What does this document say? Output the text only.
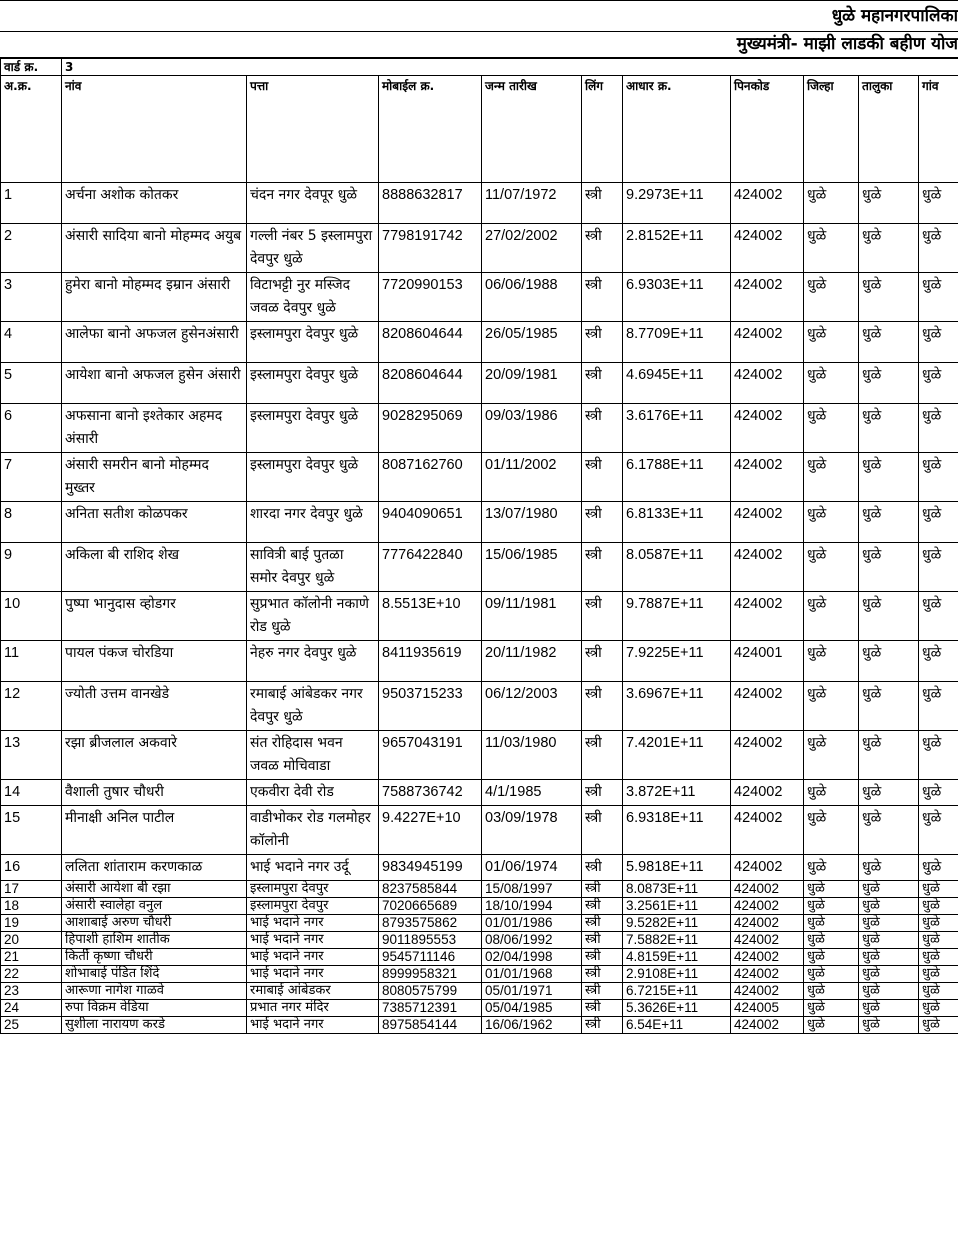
धुळे महानगरपालिका
मुख्यमंत्री- माझी लाडकी बहीण योज
वार्ड क्र.	3									
अ.क्र.	नांव	पत्ता	मोबाईल क्र.	जन्म तारीख	लिंग	आधार क्र.	पिनकोड	जिल्हा	तालुका	गांव
1	अर्चना अशोक कोतकर	चंदन नगर देवपूर धुळे	8888632817	11/07/1972	स्त्री	9.2973E+11	424002	धुळे	धुळे	धुळे
2	अंसारी सादिया बानो मोहम्मद अयुब	गल्ली नंबर 5 इस्लामपुरा देवपुर धुळे	7798191742	27/02/2002	स्त्री	2.8152E+11	424002	धुळे	धुळे	धुळे
3	हुमेरा बानो मोहम्मद इम्रान अंसारी	विटाभट्टी नुर मस्जिद जवळ देवपुर धुळे	7720990153	06/06/1988	स्त्री	6.9303E+11	424002	धुळे	धुळे	धुळे
4	आलेफा बानो अफजल हुसेनअंसारी	इस्लामपुरा देवपुर धुळे	8208604644	26/05/1985	स्त्री	8.7709E+11	424002	धुळे	धुळे	धुळे
5	आयेशा बानो अफजल हुसेन अंसारी	इस्लामपुरा देवपुर धुळे	8208604644	20/09/1981	स्त्री	4.6945E+11	424002	धुळे	धुळे	धुळे
6	अफसाना बानो इश्तेकार अहमद अंसारी	इस्लामपुरा देवपुर धुळे	9028295069	09/03/1986	स्त्री	3.6176E+11	424002	धुळे	धुळे	धुळे
7	अंसारी समरीन बानो मोहम्मद मुख्तर	इस्लामपुरा देवपुर धुळे	8087162760	01/11/2002	स्त्री	6.1788E+11	424002	धुळे	धुळे	धुळे
8	अनिता सतीश कोळपकर	शारदा नगर देवपुर धुळे	9404090651	13/07/1980	स्त्री	6.8133E+11	424002	धुळे	धुळे	धुळे
9	अकिला बी राशिद शेख	सावित्री बाई पुतळा समोर देवपुर धुळे	7776422840	15/06/1985	स्त्री	8.0587E+11	424002	धुळे	धुळे	धुळे
10	पुष्पा भानुदास व्होडगर	सुप्रभात कॉलोनी नकाणे रोड धुळे	8.5513E+10	09/11/1981	स्त्री	9.7887E+11	424002	धुळे	धुळे	धुळे
11	पायल पंकज चोरडिया	नेहरु नगर देवपुर धुळे	8411935619	20/11/1982	स्त्री	7.9225E+11	424001	धुळे	धुळे	धुळे
12	ज्योती उत्तम वानखेडे	रमाबाई आंबेडकर नगर देवपुर धुळे	9503715233	06/12/2003	स्त्री	3.6967E+11	424002	धुळे	धुळे	धुळे
13	रझा ब्रीजलाल अकवारे	संत रोहिदास भवन जवळ मोचिवाडा	9657043191	11/03/1980	स्त्री	7.4201E+11	424002	धुळे	धुळे	धुळे
14	वैशाली तुषार चौधरी	एकवीरा देवी रोड	7588736742	4/1/1985	स्त्री	3.872E+11	424002	धुळे	धुळे	धुळे
15	मीनाक्षी अनिल पाटील	वाडीभोकर रोड गलमोहर कॉलोनी	9.4227E+10	03/09/1978	स्त्री	6.9318E+11	424002	धुळे	धुळे	धुळे
16	ललिता शांताराम करणकाळ	भाई भदाने नगर उर्दू	9834945199	01/06/1974	स्त्री	5.9818E+11	424002	धुळे	धुळे	धुळे
17	अंसारी आयेशा बी रझा	इस्लामपुरा देवपुर	8237585844	15/08/1997	स्त्री	8.0873E+11	424002	धुळे	धुळे	धुळे
18	अंसारी स्वालेहा वनुल	इस्लामपुरा देवपुर	7020665689	18/10/1994	स्त्री	3.2561E+11	424002	धुळे	धुळे	धुळे
19	आशाबाई अरुण चौधरी	भाई भदाने नगर	8793575862	01/01/1986	स्त्री	9.5282E+11	424002	धुळे	धुळे	धुळे
20	हिपाशी हाशिम शातीक	भाई भदाने नगर	9011895553	08/06/1992	स्त्री	7.5882E+11	424002	धुळे	धुळे	धुळे
21	किर्ती कृष्णा चौधरी	भाई भदाने नगर	9545711146	02/04/1998	स्त्री	4.8159E+11	424002	धुळे	धुळे	धुळे
22	शोभाबाई पंडित शिंदे	भाई भदाने नगर	8999958321	01/01/1968	स्त्री	2.9108E+11	424002	धुळे	धुळे	धुळे
23	आरूणा नागेश गाळवे	रमाबाई आंबेडकर	8080575799	05/01/1971	स्त्री	6.7215E+11	424002	धुळे	धुळे	धुळे
24	रुपा विक्रम वेडिया	प्रभात नगर मंदिर	7385712391	05/04/1985	स्त्री	5.3626E+11	424005	धुळे	धुळे	धुळे
25	सुशीला नारायण करडे	भाई भदाने नगर	8975854144	16/06/1962	स्त्री	6.54E+11	424002	धुळे	धुळे	धुळे
